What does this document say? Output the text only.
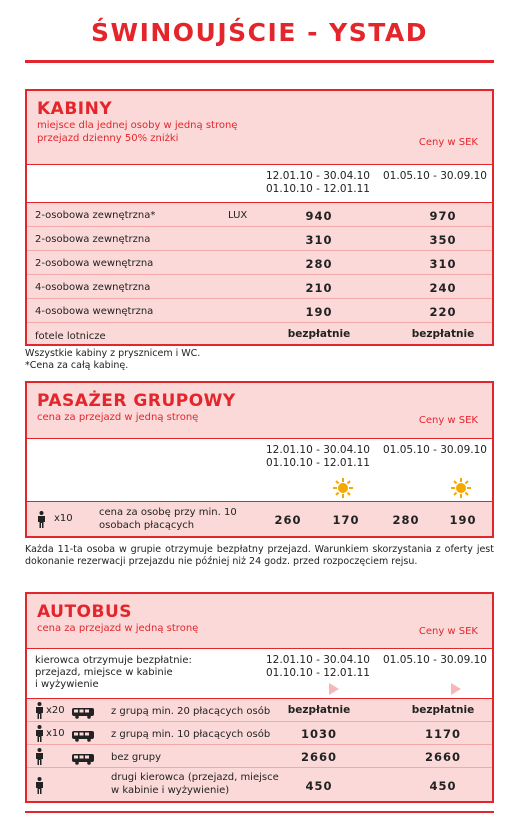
ŚWINOUJŚCIE - YSTAD
KABINY
miejsce dla jednej osoby w jedną stronę
przejazd dzienny 50% zniżki	Ceny w SEK
12.01.10 - 30.04.10
01.10.10 - 12.01.11
01.05.10 - 30.09.10
2-osobowa zewnętrzna*	LUX	940	970
2-osobowa zewnętrzna	310	350
2-osobowa wewnętrzna	280	310
4-osobowa zewnętrzna	210	240
4-osobowa wewnętrzna	190	220
fotele lotnicze	bezpłatnie	bezpłatnie
Wszystkie kabiny z prysznicem i WC.
*Cena za całą kabinę.
PASAŻER GRUPOWY
cena za przejazd w jedną stronę	Ceny w SEK
12.01.10 - 30.04.10
01.10.10 - 12.01.11
01.05.10 - 30.09.10
x10
cena za osobę przy min. 10
osobach płacących	260	170	280	190
Każda 11-ta osoba w grupie otrzymuje bezpłatny przejazd. Warunkiem skorzystania z oferty jest dokonanie rezerwacji przejazdu nie później niż 24 godz. przed rozpoczęciem rejsu.
AUTOBUS
cena za przejazd w jedną stronę	Ceny w SEK
kierowca otrzymuje bezpłatnie:
przejazd, miejsce w kabinie
i wyżywienie
12.01.10 - 30.04.10
01.10.10 - 12.01.11
01.05.10 - 30.09.10
x20	z grupą min. 20 płacących osób	bezpłatnie	bezpłatnie
x10	z grupą min. 10 płacących osób	1030	1170
bez grupy	2660	2660
drugi kierowca (przejazd, miejsce
w kabinie i wyżywienie)	450	450
